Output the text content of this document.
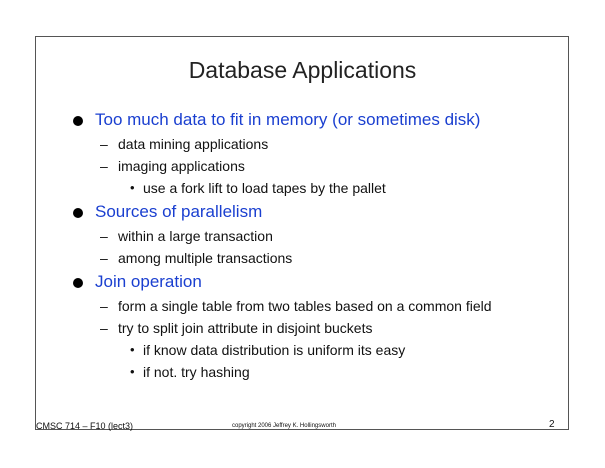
Database Applications
Too much data to fit in memory (or sometimes disk)
– data mining applications
– imaging applications
• use a fork lift to load tapes by the pallet
Sources of parallelism
– within a large transaction
– among multiple transactions
Join operation
– form a single table from two tables based on a common field
– try to split join attribute in disjoint buckets
• if know data distribution is uniform its easy
• if not. try hashing
CMSC 714 – F10 (lect3)	copyright 2006 Jeffrey K. Hollingsworth	2
